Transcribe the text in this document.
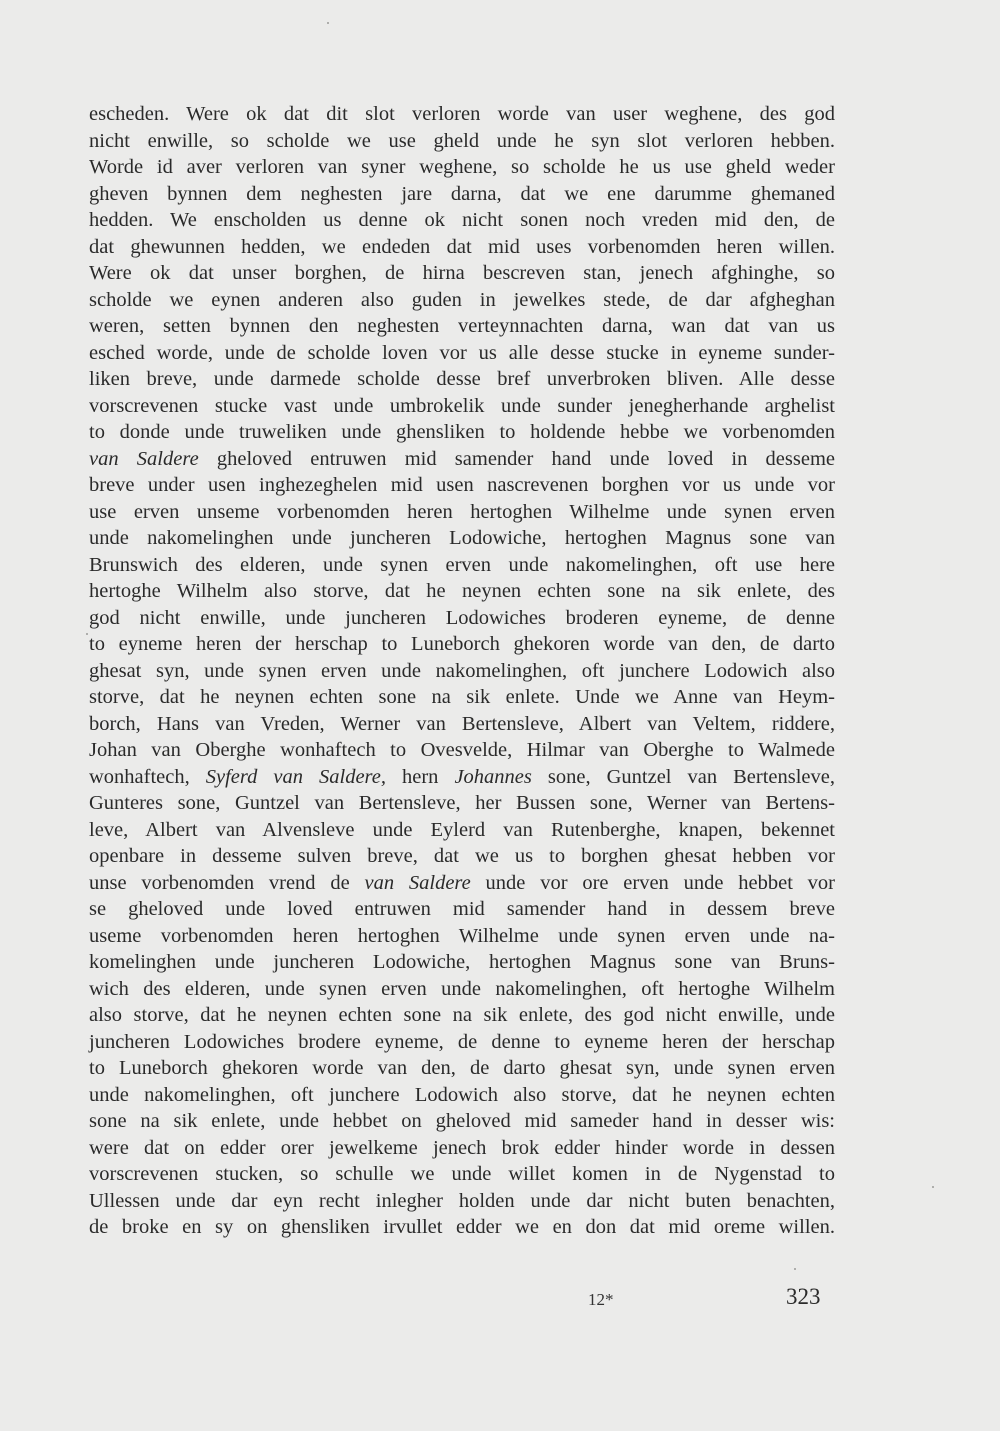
escheden. Were ok dat dit slot verloren worde van user weghene, des god
nicht enwille, so scholde we use gheld unde he syn slot verloren hebben.
Worde id aver verloren van syner weghene, so scholde he us use gheld weder
gheven bynnen dem neghesten jare darna, dat we ene darumme ghemaned
hedden. We enscholden us denne ok nicht sonen noch vreden mid den, de
dat ghewunnen hedden, we endeden dat mid uses vorbenomden heren willen.
Were ok dat unser borghen, de hirna bescreven stan, jenech afghinghe, so
scholde we eynen anderen also guden in jewelkes stede, de dar afgheghan
weren, setten bynnen den neghesten verteynnachten darna, wan dat van us
esched worde, unde de scholde loven vor us alle desse stucke in eyneme sunder-
liken breve, unde darmede scholde desse bref unverbroken bliven. Alle desse
vorscrevenen stucke vast unde umbrokelik unde sunder jenegherhande arghelist
to donde unde truweliken unde ghensliken to holdende hebbe we vorbenomden
van Saldere gheloved entruwen mid samender hand unde loved in desseme
breve under usen inghezeghelen mid usen nascrevenen borghen vor us unde vor
use erven unseme vorbenomden heren hertoghen Wilhelme unde synen erven
unde nakomelinghen unde juncheren Lodowiche, hertoghen Magnus sone van
Brunswich des elderen, unde synen erven unde nakomelinghen, oft use here
hertoghe Wilhelm also storve, dat he neynen echten sone na sik enlete, des
god nicht enwille, unde juncheren Lodowiches broderen eyneme, de denne
to eyneme heren der herschap to Luneborch ghekoren worde van den, de darto
ghesat syn, unde synen erven unde nakomelinghen, oft junchere Lodowich also
storve, dat he neynen echten sone na sik enlete. Unde we Anne van Heym-
borch, Hans van Vreden, Werner van Bertensleve, Albert van Veltem, riddere,
Johan van Oberghe wonhaftech to Ovesvelde, Hilmar van Oberghe to Walmede
wonhaftech, Syferd van Saldere, hern Johannes sone, Guntzel van Bertensleve,
Gunteres sone, Guntzel van Bertensleve, her Bussen sone, Werner van Bertens-
leve, Albert van Alvensleve unde Eylerd van Rutenberghe, knapen, bekennet
openbare in desseme sulven breve, dat we us to borghen ghesat hebben vor
unse vorbenomden vrend de van Saldere unde vor ore erven unde hebbet vor
se gheloved unde loved entruwen mid samender hand in dessem breve
useme vorbenomden heren hertoghen Wilhelme unde synen erven unde na-
komelinghen unde juncheren Lodowiche, hertoghen Magnus sone van Bruns-
wich des elderen, unde synen erven unde nakomelinghen, oft hertoghe Wilhelm
also storve, dat he neynen echten sone na sik enlete, des god nicht enwille, unde
juncheren Lodowiches brodere eyneme, de denne to eyneme heren der herschap
to Luneborch ghekoren worde van den, de darto ghesat syn, unde synen erven
unde nakomelinghen, oft junchere Lodowich also storve, dat he neynen echten
sone na sik enlete, unde hebbet on gheloved mid sameder hand in desser wis:
were dat on edder orer jewelkeme jenech brok edder hinder worde in dessen
vorscrevenen stucken, so schulle we unde willet komen in de Nygenstad to
Ullessen unde dar eyn recht inlegher holden unde dar nicht buten benachten,
de broke en sy on ghensliken irvullet edder we en don dat mid oreme willen.
12*	323
